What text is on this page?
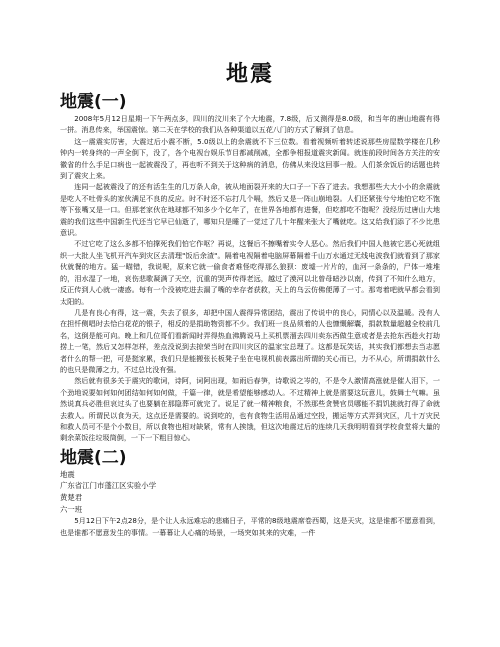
地震
地震(一)

2008年5月12日星期一下午两点多，四川的汶川来了个大地震，7.8级，后又测得是8.0级，和当年的唐山地震有得一拼。消息传来，举国震惊。第二天在学校的我们从各种渠道以五花八门的方式了解到了信息。

这一震震实厉害，大震过后小震不断，5.0级以上的余震就不下三位数。看着视频听着转述说那些房屋数学楼在几秒钟内一转身终的一声全倒下，没了，各个电视台娱乐节目都减削减，全都争相报道震灾新闻。就连前段时间各方关注的安徽省的什么手足口病也一起被震没了，再也听不到关于这种病的消息，仿佛从来没这回事一般。人们茶余饭后的话题也转到了震灾上来。

连同一起被震没了的还有活生生的几万条人命，被从地面裂开来的大口子一下吞了进去。我想那些大大小小的余震就是吃人不吐骨头的家伙满足不良的反应。时不时还不忘打几个嗝，然后又是一阵山崩地裂。人们还紧张兮兮地怕它吃不饱等下张嘴又是一口。但那老家伙在地球都不知多少个亿年了，在世界各地都有进餐，但吃都吃不饱呢？没经历过唐山大地震的我们这些中国新生代还当它早已仙逝了，哪知只是睡了一觉过了几十年醒来张大了嘴就吃。这又给我们添了不少比患意识。

不过它吃了这么多都不怕撑死我们怕它作呕？再说，这餐后不擦嘴着实令人恶心。然后我们中国人他被它恶心死就组织一大批人坐飞机开汽车到灾区去清理"饭后余渣"。隔着电视隔着电脑屏幕隔着千山万水通过无线电波我们就看到了那家伙就餐的地方。猛一瞄错，我说呢，原来它就一偷食者难怪吃得那么狼狈：废墟一片片的，血河一条条的，尸体一堆堆的，泪水湿了一地，哀伤悲歌凝满了天空，沉重的哭声传得老远，越过了漠河以北曾母暗沙以南，传到了不知什么地方，反正传到人心就一凄惑。每有一个没被吃进去漏了嘴的幸存者获救，天上的乌云仿佛便薄了一寸。那弯着吧就早都会看到太阳的。

几是有良心有得，这一震，失去了很多，却把中国人震得异常团结，震出了传说中的良心，同情心以及温暖。没有人在担忏侧唱时去恰白花花的银子，相反的是捐助物资都不少。我们班一良品须着的人也慷慨解囊，捐款数量超越全校前几名，这倒是能可向。晚上和几位哥们看新闻时弄得热血沸腾说马上买机票溜去四川卖东西做生意或者是去抢东西趁火打劫捞上一笔，然后又怎样怎样，差点没说到去掠荣当时在四川灾区的温家宝总理了。这都是玩笑话，其实我们都想去当志愿者什么的帮一把，可是挺家累，我们只是能搬张长板凳子坐在电视机前表露出所谓的关心而已，力不从心，所谓捐款什么的也只是微薄之力，不过总比没有强。

然后就有很多关于震灾的歌词，诗阿，词阿出现，如雨后春笋，诗歌说之岑的，不是令人激情高涨就是催人泪下，一个劲地说要如何如何团结如何如何做，千篇一律，就是希望能够感动人。不过精神上就是需要这玩意儿，鼓舞士气嘛。虽然说真兵必胜但哀过头了也要躺在那隐葬可就完了。说足了就一精神粮食，不然那些贪赞官员哪能不捐饥挑就打得了命就去救人。所谓民以食为天，这点还是需要的。说到吃的，也有食物生活用品通过空投，搬运等方式弄到灾区，几十万灾民和救人员可不是个小数目，所以食物也相对缺紧，常有人挨饿，但这次地震过后的连续几天我明明看到学校食堂将大量的剩余菜饭往垃圾筒倒，一下一下粗目惊心。

地震(二)
地震
广东省江门市蓬江区实验小学
黄楚君
六一班

5月12日下午2点28分，是个让人永远难忘的悲痛日子，平常的8级地震席卷西蜀，这是天灾，这是谁都不愿意看到，也是谁都不愿意发生的事情。一幕幕让人心痛的场景，一场突如其来的灾难，一件
